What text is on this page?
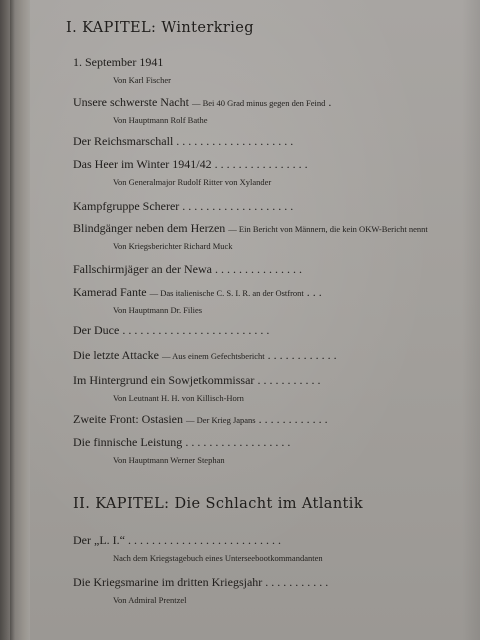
I. KAPITEL: Winterkrieg
1. September 1941
Von Karl Fischer
Unsere schwerste Nacht — Bei 40 Grad minus gegen den Feind .
Von Hauptmann Rolf Bathe
Der Reichsmarschall . . . . . . . . . . . . . . . . . . . .
Das Heer im Winter 1941/42 . . . . . . . . . . . . . . . .
Von Generalmajor Rudolf Ritter von Xylander
Kampfgruppe Scherer . . . . . . . . . . . . . . . . . . .
Blindgänger neben dem Herzen — Ein Bericht von Männern, die kein OKW-Bericht nennt
Von Kriegsberichter Richard Muck
Fallschirmjäger an der Newa . . . . . . . . . . . . . . .
Kamerad Fante — Das italienische C. S. I. R. an der Ostfront . . .
Von Hauptmann Dr. Filies
Der Duce . . . . . . . . . . . . . . . . . . . . . . . . .
Die letzte Attacke — Aus einem Gefechtsbericht . . . . . . . . . . . .
Im Hintergrund ein Sowjetkommissar . . . . . . . . . . .
Von Leutnant H. H. von Killisch-Horn
Zweite Front: Ostasien — Der Krieg Japans . . . . . . . . . . . .
Die finnische Leistung . . . . . . . . . . . . . . . . . .
Von Hauptmann Werner Stephan
II. KAPITEL: Die Schlacht im Atlantik
Der „L. I.“ . . . . . . . . . . . . . . . . . . . . . . . . . .
Nach dem Kriegstagebuch eines Unterseebootkommandanten
Die Kriegsmarine im dritten Kriegsjahr . . . . . . . . . . .
Von Admiral Prentzel
